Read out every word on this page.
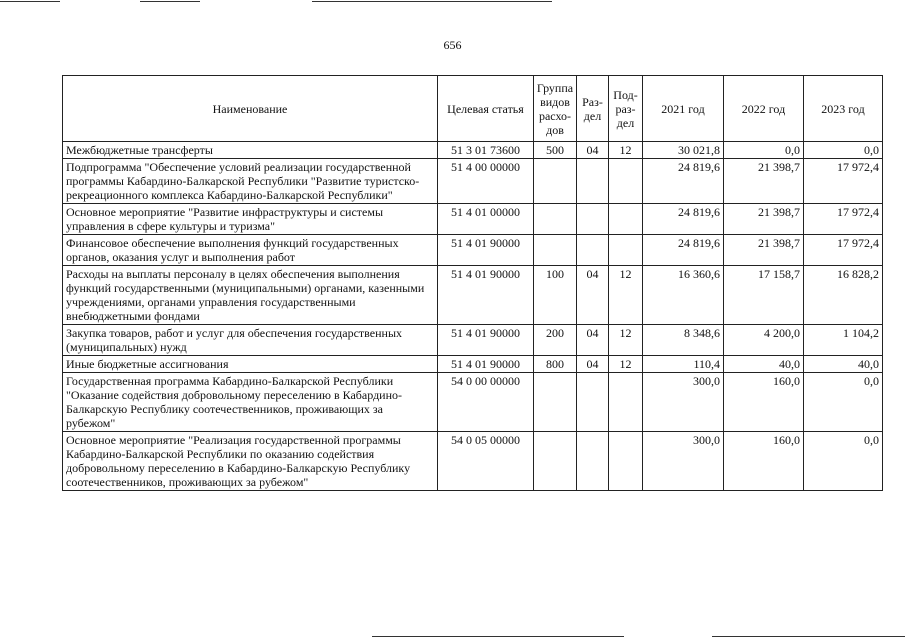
656
Наименование	Целевая статья	Группа видов расхо-дов	Раз-дел	Под-раз-дел	2021 год	2022 год	2023 год
Межбюджетные трансферты	51 3 01 73600	500	04	12	30 021,8	0,0	0,0
Подпрограмма "Обеспечение условий реализации государственной программы Кабардино-Балкарской Республики "Развитие туристско-рекреационного комплекса Кабардино-Балкарской Республики"	51 4 00 00000				24 819,6	21 398,7	17 972,4
Основное мероприятие "Развитие инфраструктуры и системы управления в сфере культуры и туризма"	51 4 01 00000				24 819,6	21 398,7	17 972,4
Финансовое обеспечение выполнения функций государственных органов, оказания услуг и выполнения работ	51 4 01 90000				24 819,6	21 398,7	17 972,4
Расходы на выплаты персоналу в целях обеспечения выполнения функций государственными (муниципальными) органами, казенными учреждениями, органами управления государственными внебюджетными фондами	51 4 01 90000	100	04	12	16 360,6	17 158,7	16 828,2
Закупка товаров, работ и услуг для обеспечения государственных (муниципальных) нужд	51 4 01 90000	200	04	12	8 348,6	4 200,0	1 104,2
Иные бюджетные ассигнования	51 4 01 90000	800	04	12	110,4	40,0	40,0
Государственная программа Кабардино-Балкарской Республики "Оказание содействия добровольному переселению в Кабардино-Балкарскую Республику соотечественников, проживающих за рубежом"	54 0 00 00000				300,0	160,0	0,0
Основное мероприятие "Реализация государственной программы Кабардино-Балкарской Республики по оказанию содействия добровольному переселению в Кабардино-Балкарскую Республику соотечественников, проживающих за рубежом"	54 0 05 00000				300,0	160,0	0,0
